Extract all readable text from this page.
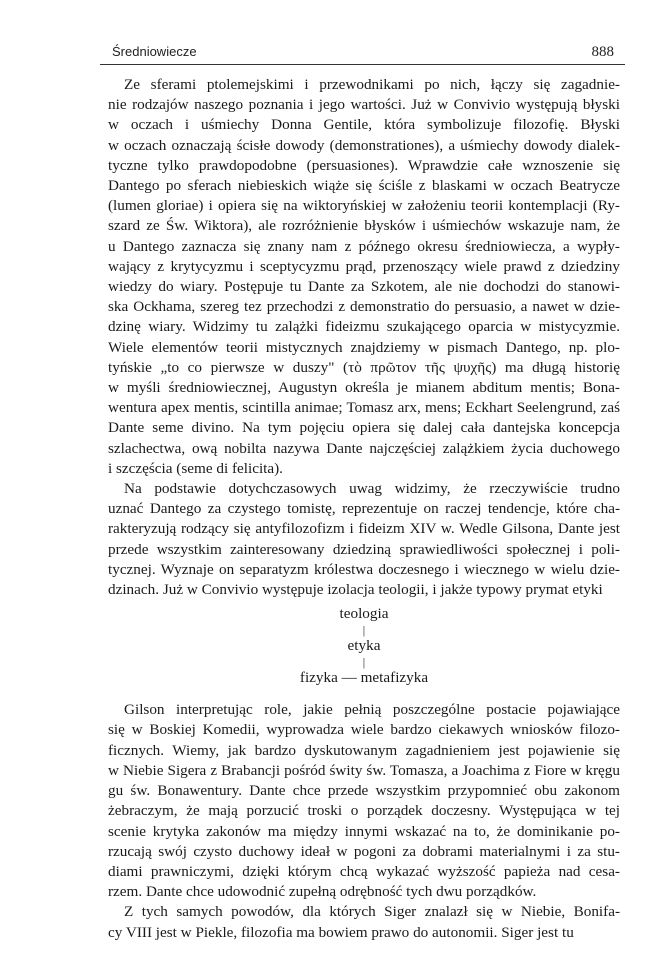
Średniowiecze	888

Ze sferami ptolemejskimi i przewodnikami po nich, łączy się zagadnie-
nie rodzajów naszego poznania i jego wartości. Już w Convivio występują błyski
w oczach i uśmiechy Donna Gentile, która symbolizuje filozofię. Błyski
w oczach oznaczają ścisłe dowody (demonstrationes), a uśmiechy dowody dialek-
tyczne tylko prawdopodobne (persuasiones). Wprawdzie całe wznoszenie się
Dantego po sferach niebieskich wiąże się ściśle z blaskami w oczach Beatrycze
(lumen gloriae) i opiera się na wiktoryńskiej w założeniu teorii kontemplacji (Ry-
szard ze Św. Wiktora), ale rozróżnienie błysków i uśmiechów wskazuje nam, że
u Dantego zaznacza się znany nam z późnego okresu średniowiecza, a wypły-
wający z krytycyzmu i sceptycyzmu prąd, przenoszący wiele prawd z dziedziny
wiedzy do wiary. Postępuje tu Dante za Szkotem, ale nie dochodzi do stanowi-
ska Ockhama, szereg tez przechodzi z demonstratio do persuasio, a nawet w dzie-
dzinę wiary. Widzimy tu zalążki fideizmu szukającego oparcia w mistycyzmie.
Wiele elementów teorii mistycznych znajdziemy w pismach Dantego, np. plo-
tyńskie „to co pierwsze w duszy" (τὸ πρῶτον τῆς ψυχῆς) ma długą historię
w myśli średniowiecznej, Augustyn określa je mianem abditum mentis; Bona-
wentura apex mentis, scintilla animae; Tomasz arx, mens; Eckhart Seelengrund, zaś
Dante seme divino. Na tym pojęciu opiera się dalej cała dantejska koncepcja
szlachectwa, ową nobilta nazywa Dante najczęściej zalążkiem życia duchowego
i szczęścia (seme di felicita).

Na podstawie dotychczasowych uwag widzimy, że rzeczywiście trudno
uznać Dantego za czystego tomistę, reprezentuje on raczej tendencje, które cha-
rakteryzują rodzący się antyfilozofizm i fideizm XIV w. Wedle Gilsona, Dante jest
przede wszystkim zainteresowany dziedziną sprawiedliwości społecznej i poli-
tycznej. Wyznaje on separatyzm królestwa doczesnego i wiecznego w wielu dzie-
dzinach. Już w Convivio występuje izolacja teologii, i jakże typowy prymat etyki

teologia
|
etyka
|
fizyka — metafizyka

Gilson interpretując role, jakie pełnią poszczególne postacie pojawiające
się w Boskiej Komedii, wyprowadza wiele bardzo ciekawych wniosków filozo-
ficznych. Wiemy, jak bardzo dyskutowanym zagadnieniem jest pojawienie się
w Niebie Sigera z Brabancji pośród świty św. Tomasza, a Joachima z Fiore w kręgu
gu św. Bonawentury. Dante chce przede wszystkim przypomnieć obu zakonom
żebraczym, że mają porzucić troski o porządek doczesny. Występująca w tej
scenie krytyka zakonów ma między innymi wskazać na to, że dominikanie po-
rzucają swój czysto duchowy ideał w pogoni za dobrami materialnymi i za stu-
diami prawniczymi, dzięki którym chcą wykazać wyższość papieża nad cesa-
rzem. Dante chce udowodnić zupełną odrębność tych dwu porządków.

Z tych samych powodów, dla których Siger znalazł się w Niebie, Bonifa-
cy VIII jest w Piekle, filozofia ma bowiem prawo do autonomii. Siger jest tu
